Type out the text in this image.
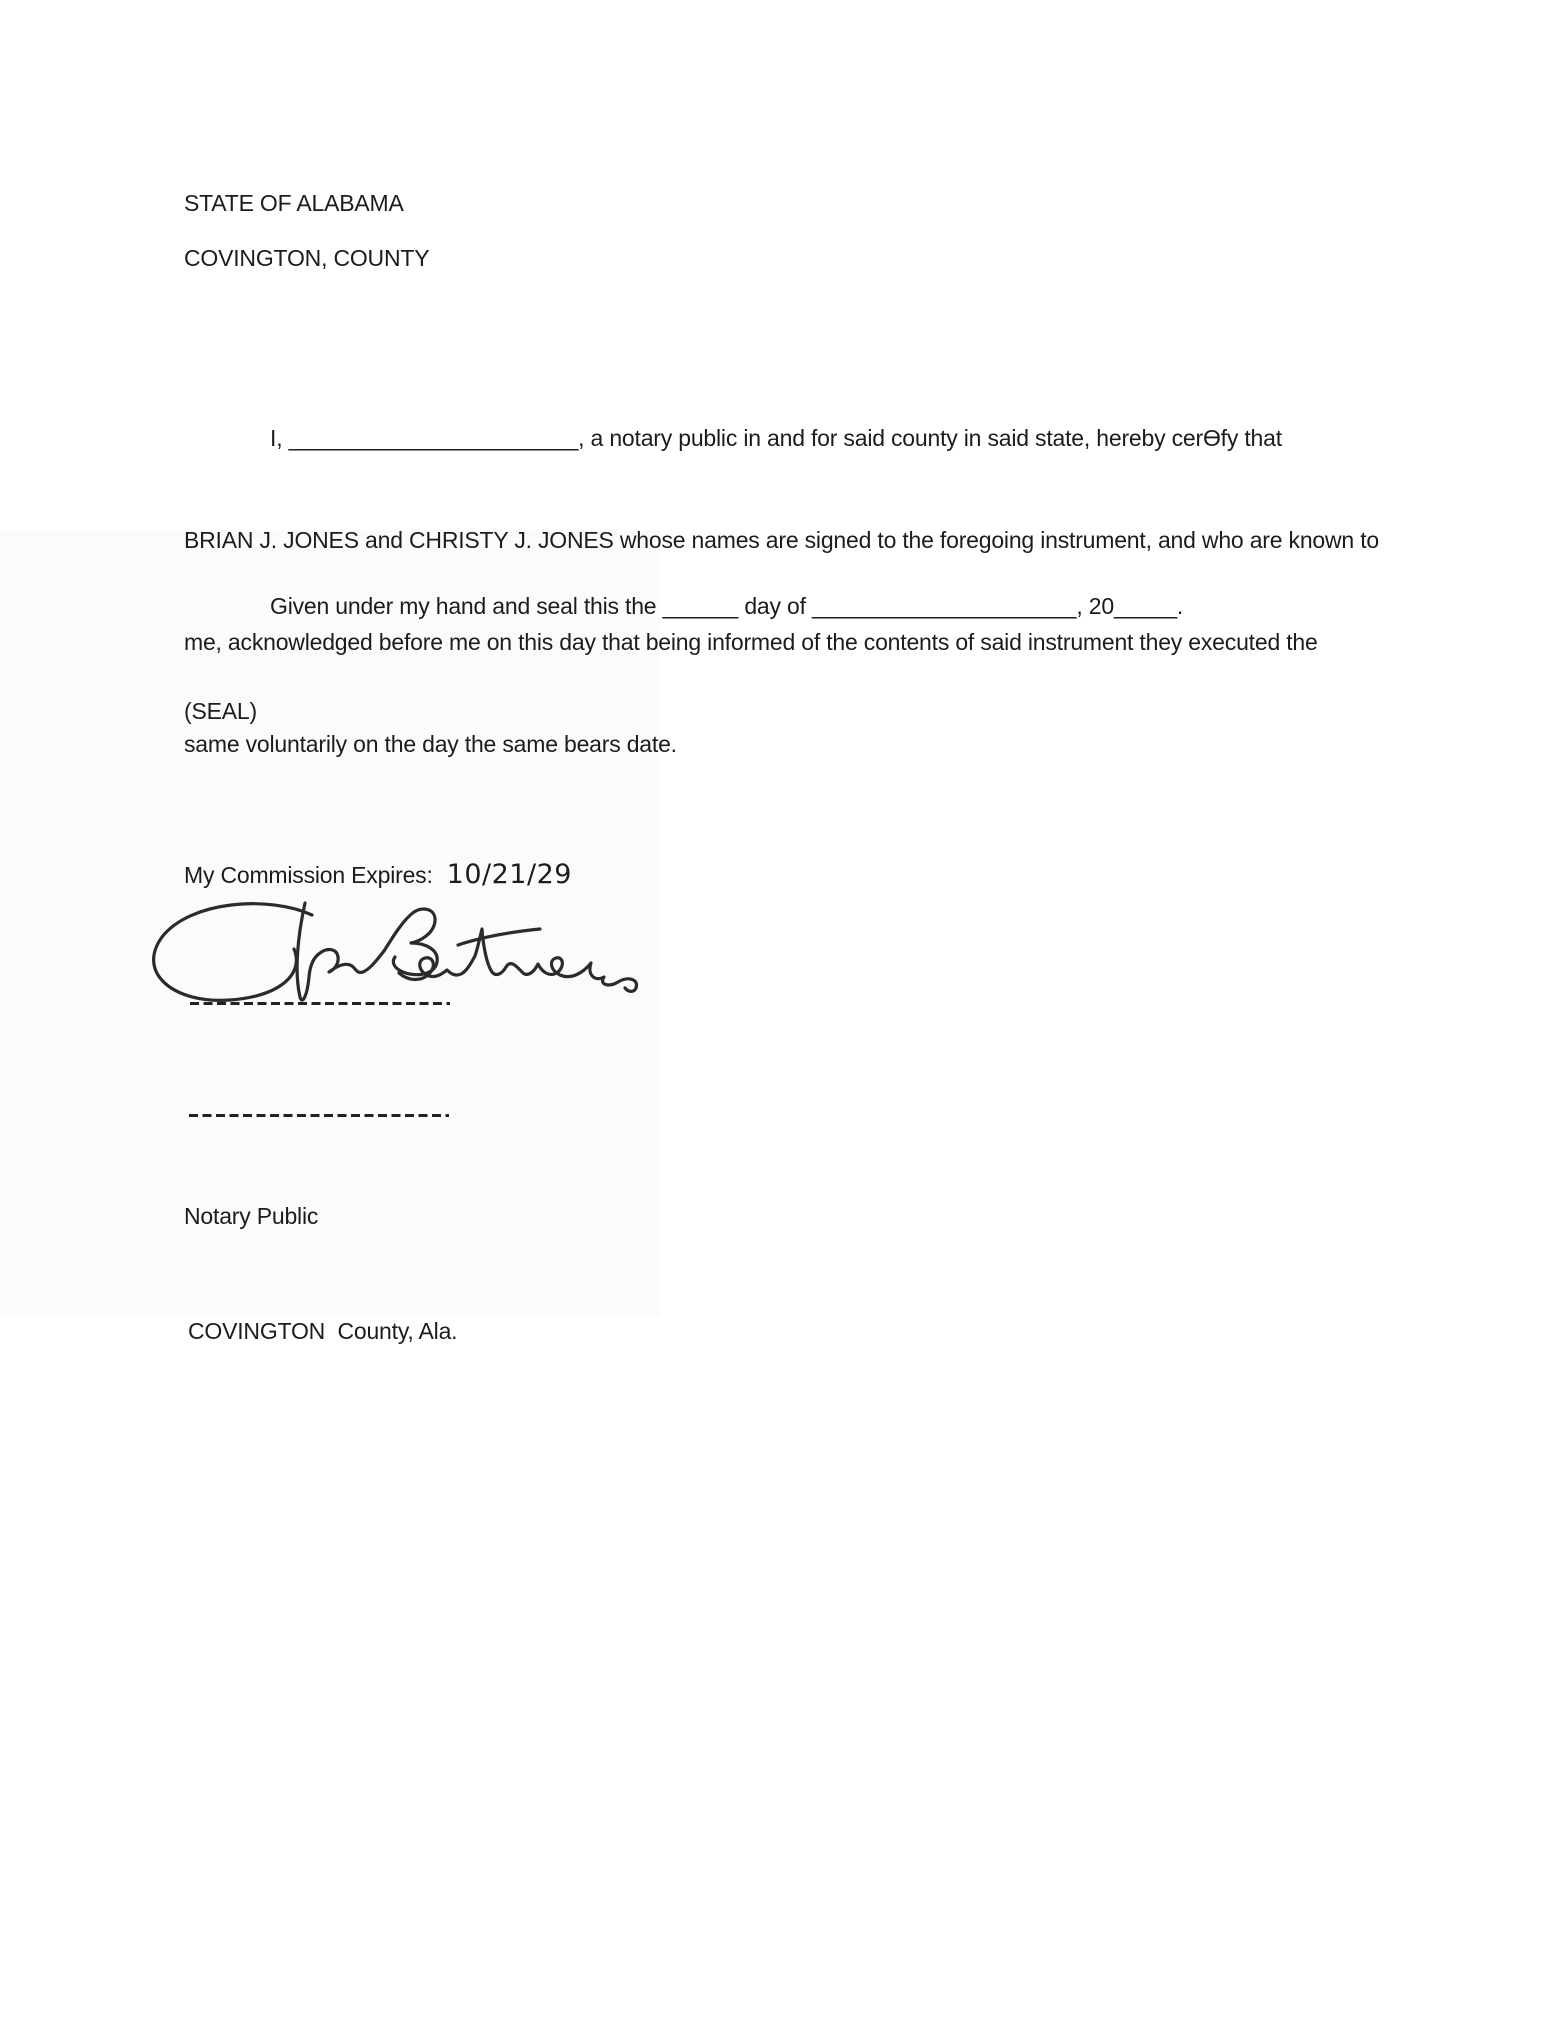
STATE OF ALABAMA
COVINGTON, COUNTY

I, _______________________, a notary public in and for said county in said state, hereby cerƟfy that

BRIAN J. JONES and CHRISTY J. JONES whose names are signed to the foregoing instrument, and who are known to

me, acknowledged before me on this day that being informed of the contents of said instrument they executed the

same voluntarily on the day the same bears date.

Given under my hand and seal this the ______ day of _____________________, 20_____.

(SEAL)
My Commission Expires: 10/21/29
Notary Public
COVINGTON  County, Ala.
